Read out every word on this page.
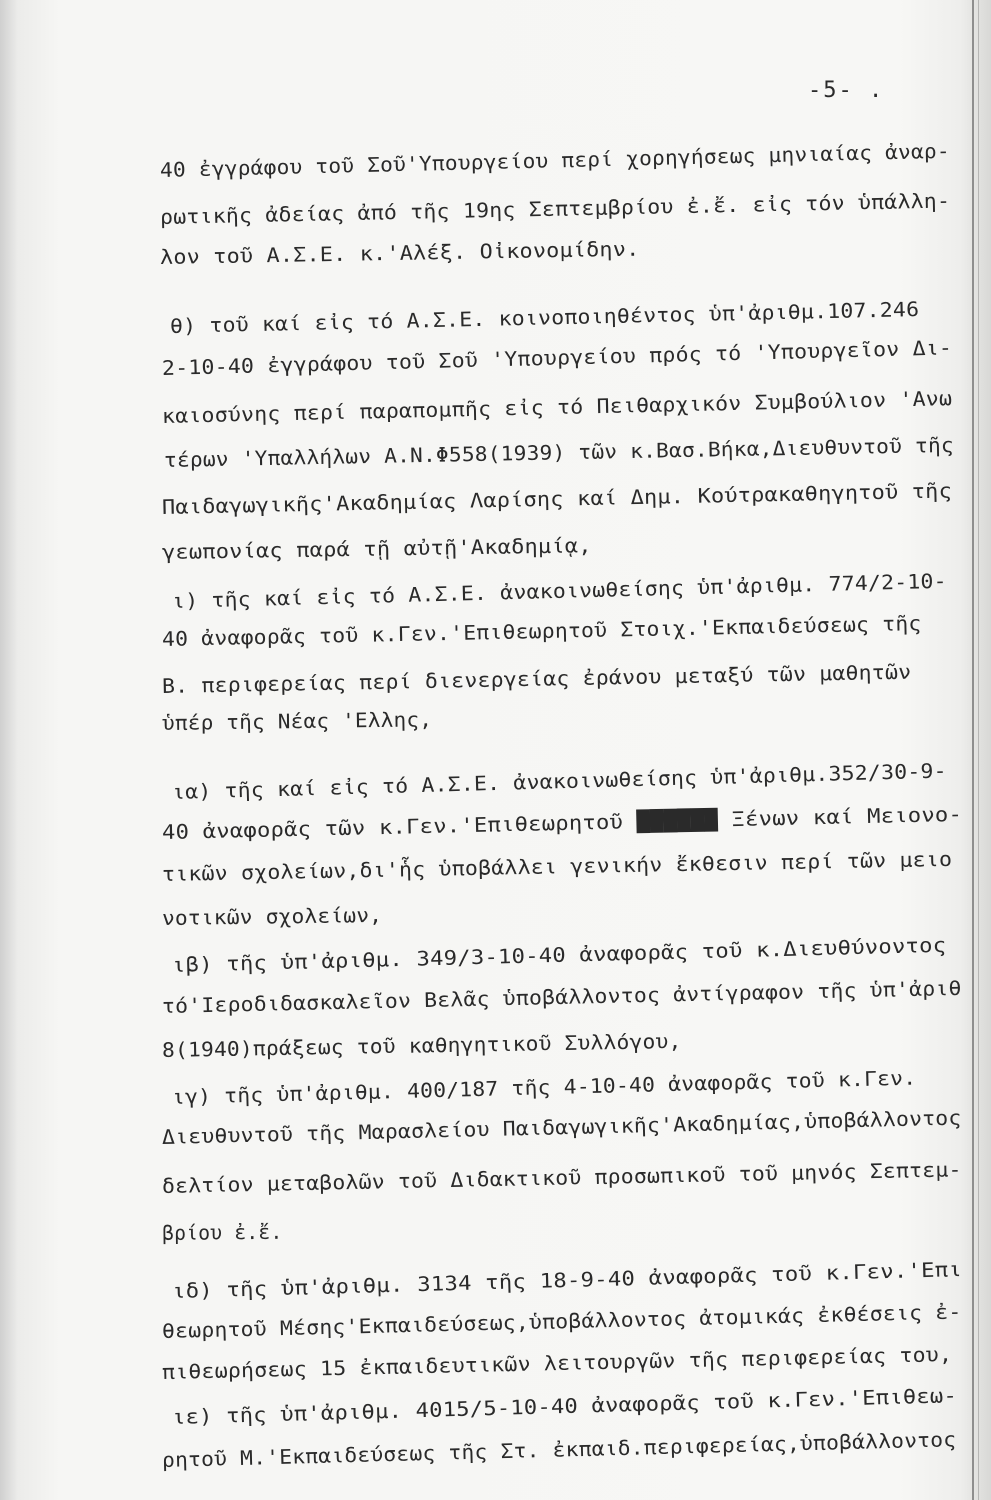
-5- .
40 ἐγγράφου τοῦ Σοῦ'Υπουργείου περί χορηγήσεως μηνιαίας ἀναρ-
ρωτικῆς ἀδείας ἀπό τῆς 19ης Σεπτεμβρίου ἐ.ἔ. εἰς τόν ὑπάλλη-
λον τοῦ Α.Σ.Ε. κ.'Αλέξ. Οἰκονομίδην.
θ) τοῦ καί εἰς τό Α.Σ.Ε. κοινοποιηθέντος ὑπ'ἀριθμ.107.246
2-10-40 ἐγγράφου τοῦ Σοῦ 'Υπουργείου πρός τό 'Υπουργεῖον Δι-
καιοσύνης περί παραπομπῆς εἰς τό Πειθαρχικόν Συμβούλιον 'Ανω
τέρων 'Υπαλλήλων Α.Ν.Φ558(1939) τῶν κ.Βασ.Βήκα,Διευθυντοῦ τῆς
Παιδαγωγικῆς'Ακαδημίας Λαρίσης καί Δημ. Κούτρακαθηγητοῦ τῆς
γεωπονίας παρά τῇ αὐτῇ'Ακαδημίᾳ,
ι) τῆς καί εἰς τό Α.Σ.Ε. ἀνακοινωθείσης ὑπ'ἀριθμ. 774/2-10-
40 ἀναφορᾶς τοῦ κ.Γεν.'Επιθεωρητοῦ Στοιχ.'Εκπαιδεύσεως τῆς
Β. περιφερείας περί διενεργείας ἐράνου μεταξύ τῶν μαθητῶν
ὑπέρ τῆς Νέας 'Ελλης,
ια) τῆς καί εἰς τό Α.Σ.Ε. ἀνακοινωθείσης ὑπ'ἀριθμ.352/30-9-
40 ἀναφορᾶς τῶν κ.Γεν.'Επιθεωρητοῦ ██████ Ξένων καί Μειονο-
τικῶν σχολείων,δι'ἧς ὑποβάλλει γενικήν ἔκθεσιν περί τῶν μειο
νοτικῶν σχολείων,
ιβ) τῆς ὑπ'ἀριθμ. 349/3-10-40 ἀναφορᾶς τοῦ κ.Διευθύνοντος
τό'Ιεροδιδασκαλεῖον Βελᾶς ὑποβάλλοντος ἀντίγραφον τῆς ὑπ'ἀριθ
8(1940)πράξεως τοῦ καθηγητικοῦ Συλλόγου,
ιγ) τῆς ὑπ'ἀριθμ. 400/187 τῆς 4-10-40 ἀναφορᾶς τοῦ κ.Γεν.
Διευθυντοῦ τῆς Μαρασλείου Παιδαγωγικῆς'Ακαδημίας,ὑποβάλλοντος
δελτίον μεταβολῶν τοῦ Διδακτικοῦ προσωπικοῦ τοῦ μηνός Σεπτεμ-
βρίου ἐ.ἔ.
ιδ) τῆς ὑπ'ἀριθμ. 3134 τῆς 18-9-40 ἀναφορᾶς τοῦ κ.Γεν.'Επι
θεωρητοῦ Μέσης'Εκπαιδεύσεως,ὑποβάλλοντος ἀτομικάς ἐκθέσεις ἐ-
πιθεωρήσεως 15 ἐκπαιδευτικῶν λειτουργῶν τῆς περιφερείας του,
ιε) τῆς ὑπ'ἀριθμ. 4015/5-10-40 ἀναφορᾶς τοῦ κ.Γεν.'Επιθεω-
ρητοῦ Μ.'Εκπαιδεύσεως τῆς Στ. ἐκπαιδ.περιφερείας,ὑποβάλλοντος
